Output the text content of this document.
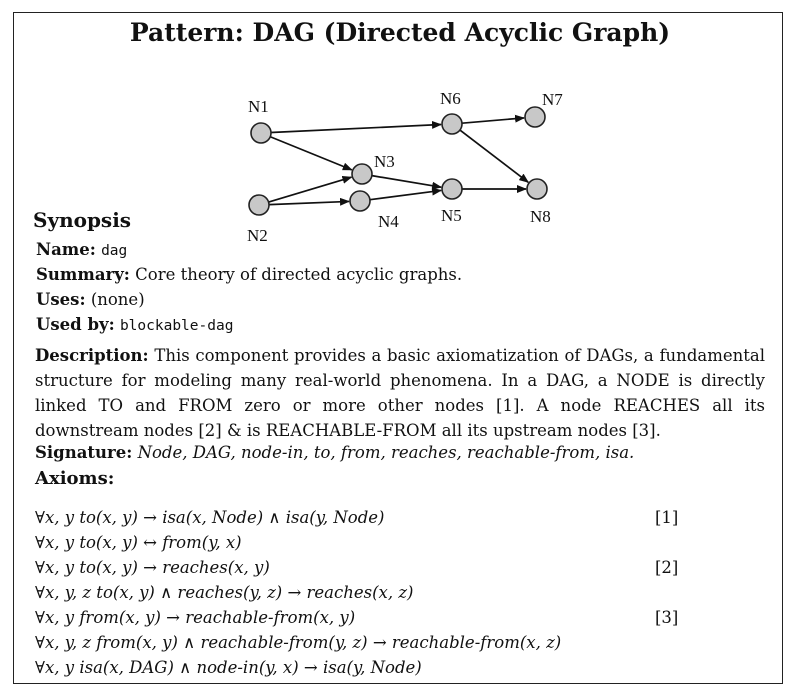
Pattern: DAG (Directed Acyclic Graph)
N1
N2
N3
N4 N5
N6	N7
N8
Synopsis
Name: dag
Summary: Core theory of directed acyclic graphs.
Uses: (none)
Used by: blockable-dag
Description: This component provides a basic axiomatization of DAGs, a fundamental structure for modeling many real-world phenomena. In a DAG, a NODE is directly linked TO and FROM zero or more other nodes [1]. A node REACHES all its downstream nodes [2] & is REACHABLE-FROM all its upstream nodes [3].
Signature: Node, DAG, node-in, to, from, reaches, reachable-from, isa.
Axioms:
∀x, y to(x, y) → isa(x, Node) ∧ isa(y, Node)	[1]
∀x, y to(x, y) ↔ from(y, x)
∀x, y to(x, y) → reaches(x, y)	[2]
∀x, y, z to(x, y) ∧ reaches(y, z) → reaches(x, z)
∀x, y from(x, y) → reachable-from(x, y)	[3]
∀x, y, z from(x, y) ∧ reachable-from(y, z) → reachable-from(x, z)
∀x, y isa(x, DAG) ∧ node-in(y, x) → isa(y, Node)
